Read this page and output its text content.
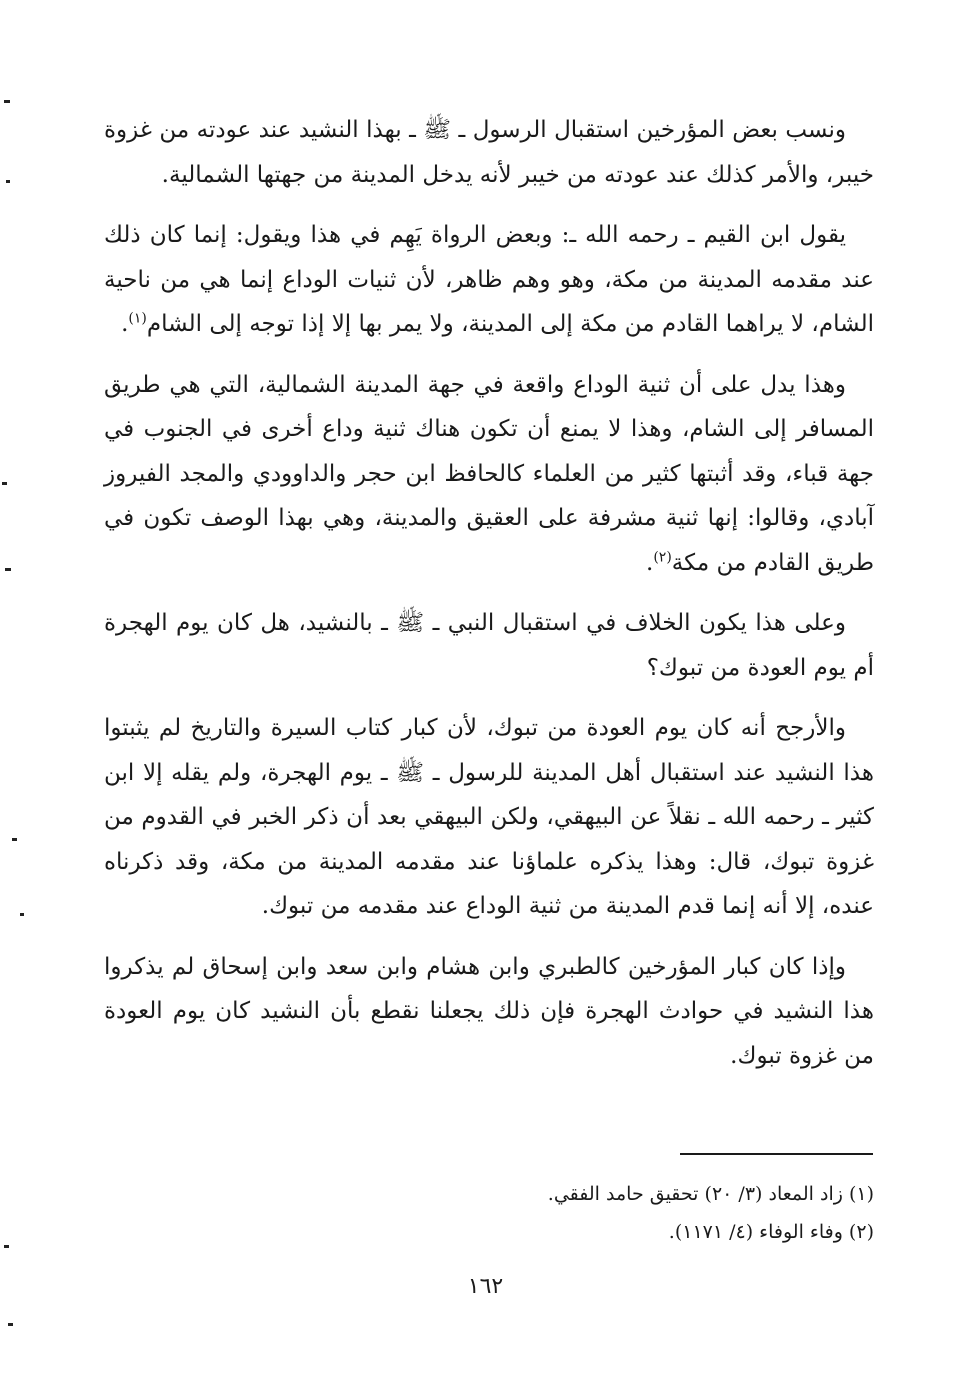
ونسب بعض المؤرخين استقبال الرسول ـ ﷺ ـ بهذا النشيد عند عودته من غزوة خيبر، والأمر كذلك عند عودته من خيبر لأنه يدخل المدينة من جهتها الشمالية.

يقول ابن القيم ـ رحمه الله ـ: وبعض الرواة يَهِم في هذا ويقول: إنما كان ذلك عند مقدمه المدينة من مكة، وهو وهم ظاهر، لأن ثنيات الوداع إنما هي من ناحية الشام، لا يراهما القادم من مكة إلى المدينة، ولا يمر بها إلا إذا توجه إلى الشام$^{(١)}$.

وهذا يدل على أن ثنية الوداع واقعة في جهة المدينة الشمالية، التي هي طريق المسافر إلى الشام، وهذا لا يمنع أن تكون هناك ثنية وداع أخرى في الجنوب في جهة قباء، وقد أثبتها كثير من العلماء كالحافظ ابن حجر والداوودي والمجد الفيروز آبادي، وقالوا: إنها ثنية مشرفة على العقيق والمدينة، وهي بهذا الوصف تكون في طريق القادم من مكة$^{(٢)}$.

وعلى هذا يكون الخلاف في استقبال النبي ـ ﷺ ـ بالنشيد، هل كان يوم الهجرة أم يوم العودة من تبوك؟

والأرجح أنه كان يوم العودة من تبوك، لأن كبار كتاب السيرة والتاريخ لم يثبتوا هذا النشيد عند استقبال أهل المدينة للرسول ـ ﷺ ـ يوم الهجرة، ولم يقله إلا ابن كثير ـ رحمه الله ـ نقلاً عن البيهقي، ولكن البيهقي بعد أن ذكر الخبر في القدوم من غزوة تبوك، قال: وهذا يذكره علماؤنا عند مقدمه المدينة من مكة، وقد ذكرناه عنده، إلا أنه إنما قدم المدينة من ثنية الوداع عند مقدمه من تبوك.

وإذا كان كبار المؤرخين كالطبري وابن هشام وابن سعد وابن إسحاق لم يذكروا هذا النشيد في حوادث الهجرة فإن ذلك يجعلنا نقطع بأن النشيد كان يوم العودة من غزوة تبوك.

(١) زاد المعاد (٣/ ٢٠) تحقيق حامد الفقي.

(٢) وفاء الوفاء (٤/ ١١٧١).

١٦٢
